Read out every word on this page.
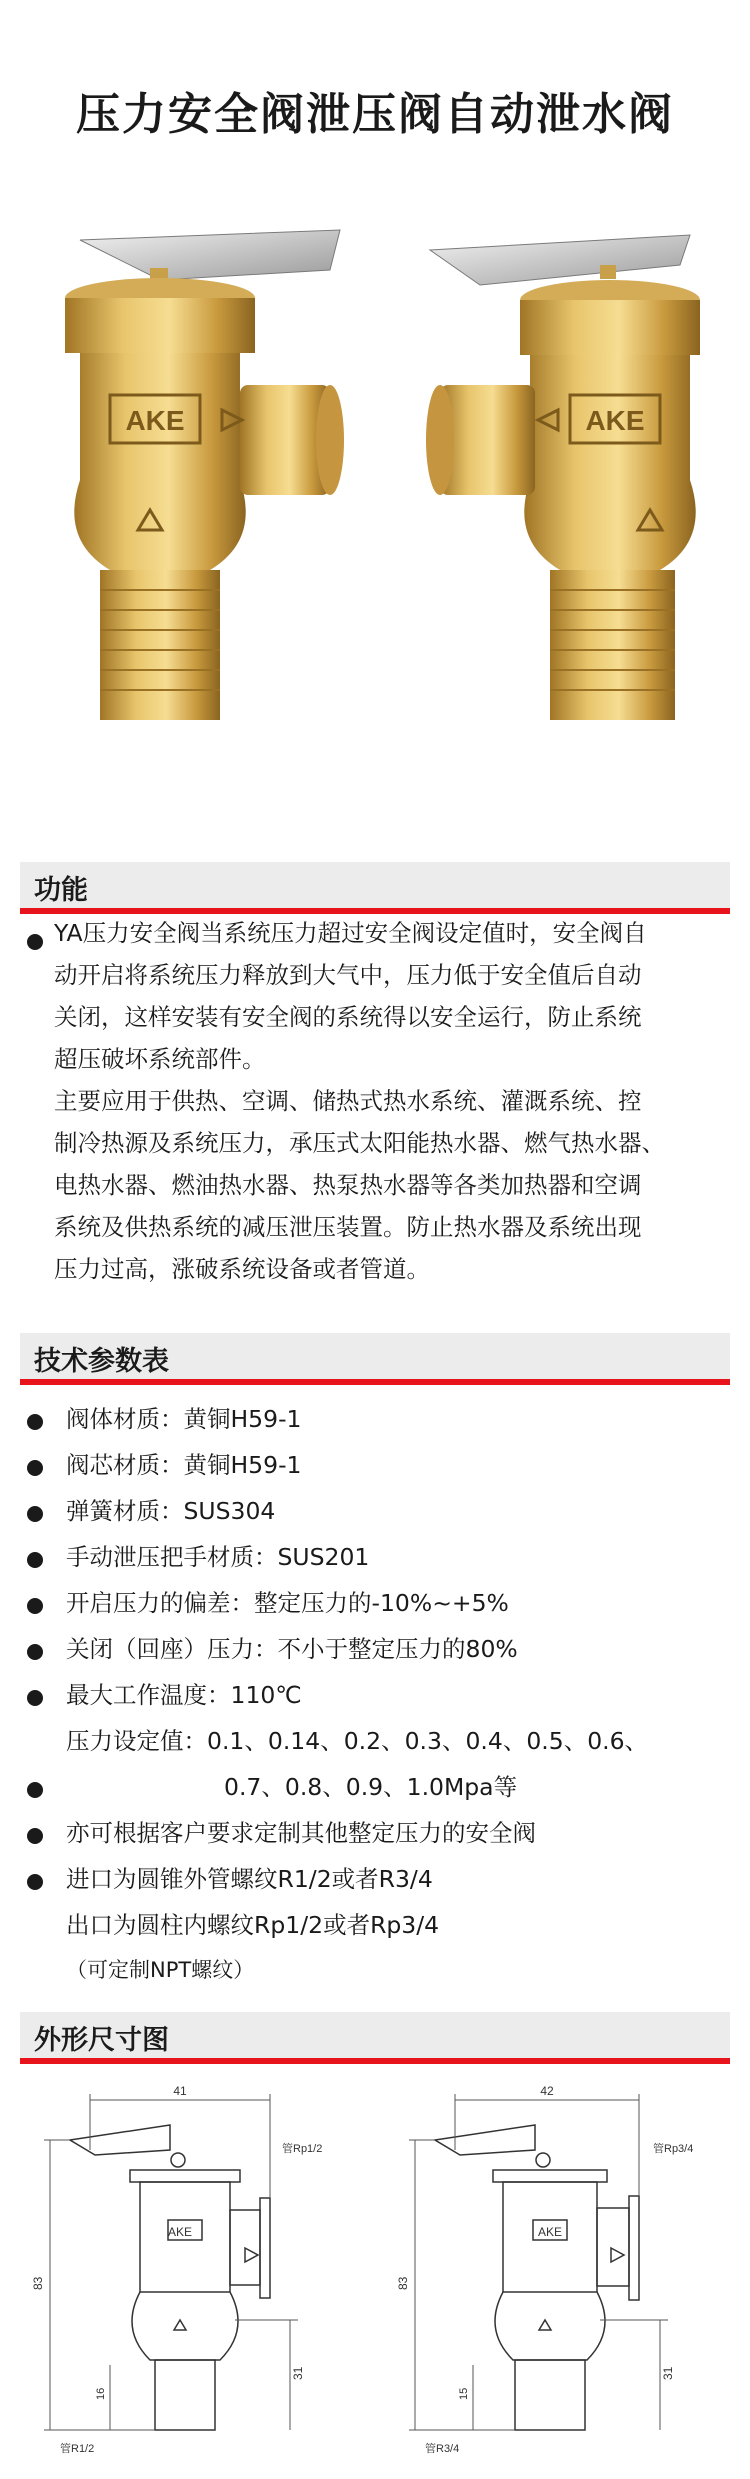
压力安全阀泄压阀自动泄水阀
AKE	AKE
功能
YA压力安全阀当系统压力超过安全阀设定值时，安全阀自
动开启将系统压力释放到大气中，压力低于安全值后自动
关闭，这样安装有安全阀的系统得以安全运行，防止系统
超压破坏系统部件。
主要应用于供热、空调、储热式热水系统、灌溉系统、控
制冷热源及系统压力，承压式太阳能热水器、燃气热水器、
电热水器、燃油热水器、热泵热水器等各类加热器和空调
系统及供热系统的减压泄压装置。防止热水器及系统出现
压力过高，涨破系统设备或者管道。
技术参数表
阀体材质：黄铜H59-1
阀芯材质：黄铜H59-1
弹簧材质：SUS304
手动泄压把手材质：SUS201
开启压力的偏差：整定压力的-10%~+5%
关闭（回座）压力：不小于整定压力的80%
最大工作温度：110℃
压力设定值：0.1、0.14、0.2、0.3、0.4、0.5、0.6、
0.7、0.8、0.9、1.0Mpa等
亦可根据客户要求定制其他整定压力的安全阀
进口为圆锥外管螺纹R1/2或者R3/4
出口为圆柱内螺纹Rp1/2或者Rp3/4
（可定制NPT螺纹）
外形尺寸图
41
83
31
16
AKE
管Rp1/2
管R1/2
42
83
31
15
AKE
管Rp3/4
管R3/4
